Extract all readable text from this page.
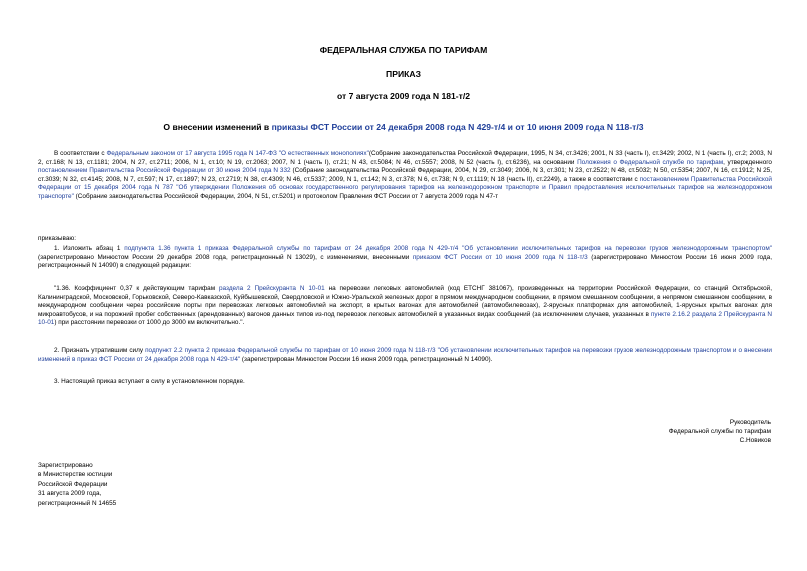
ФЕДЕРАЛЬНАЯ СЛУЖБА ПО ТАРИФАМ
ПРИКАЗ
от 7 августа 2009 года N 181-т/2
О внесении изменений в приказы ФСТ России от 24 декабря 2008 года N 429-т/4 и от 10 июня 2009 года N 118-т/3
В соответствии с Федеральным законом от 17 августа 1995 года N 147-ФЗ "О естественных монополиях"(Собрание законодательства Российской Федерации, 1995, N 34, ст.3426; 2001, N 33 (часть I), ст.3429; 2002, N 1 (часть I), ст.2; 2003, N 2, ст.168; N 13, ст.1181; 2004, N 27, ст.2711; 2006, N 1, ст.10; N 19, ст.2063; 2007, N 1 (часть I), ст.21; N 43, ст.5084; N 46, ст.5557; 2008, N 52 (часть I), ст.6236), на основании Положения о Федеральной службе по тарифам, утвержденного постановлением Правительства Российской Федерации от 30 июня 2004 года N 332 (Собрание законодательства Российской Федерации, 2004, N 29, ст.3049; 2006, N 3, ст.301; N 23, ст.2522; N 48, ст.5032; N 50, ст.5354; 2007, N 16, ст.1912; N 25, ст.3039; N 32, ст.4145; 2008, N 7, ст.597; N 17, ст.1897; N 23, ст.2719; N 38, ст.4309; N 46, ст.5337; 2009, N 1, ст.142; N 3, ст.378; N 6, ст.738; N 9, ст.1119; N 18 (часть II), ст.2249), а также в соответствии с постановлением Правительства Российской Федерации от 15 декабря 2004 года N 787 "Об утверждении Положения об основах государственного регулирования тарифов на железнодорожном транспорте и Правил предоставления исключительных тарифов на железнодорожном транспорте" (Собрание законодательства Российской Федерации, 2004, N 51, ст.5201) и протоколом Правления ФСТ России от 7 августа 2009 года N 47-т
приказываю:
1. Изложить абзац 1 подпункта 1.36 пункта 1 приказа Федеральной службы по тарифам от 24 декабря 2008 года N 429-т/4 "Об установлении исключительных тарифов на перевозки грузов железнодорожным транспортом" (зарегистрировано Минюстом России 29 декабря 2008 года, регистрационный N 13029), с изменениями, внесенными приказом ФСТ России от 10 июня 2009 года N 118-т/3 (зарегистрировано Минюстом России 16 июня 2009 года, регистрационный N 14090) в следующей редакции:
"1.36. Коэффициент 0,37 к действующим тарифам раздела 2 Прейскуранта N 10-01 на перевозки легковых автомобилей (код ЕТСНГ 381067), произведенных на территории Российской Федерации, со станций Октябрьской, Калининградской, Московской, Горьковской, Северо-Кавказской, Куйбышевской, Свердловской и Южно-Уральской железных дорог в прямом международном сообщении, в прямом смешанном сообщении, в непрямом смешанном сообщении, в международном сообщении через российские порты при перевозках легковых автомобилей на экспорт, в крытых вагонах для автомобилей (автомобилевозах), 2-ярусных платформах для автомобилей, 1-ярусных крытых вагонах для микроавтобусов, и на порожний пробег собственных (арендованных) вагонов данных типов из-под перевозок легковых автомобилей в указанных видах сообщений (за исключением случаев, указанных в пункте 2.16.2 раздела 2 Прейскуранта N 10-01) при расстоянии перевозки от 1000 до 3000 км включительно.".
2. Признать утратившим силу подпункт 2.2 пункта 2 приказа Федеральной службы по тарифам от 10 июня 2009 года N 118-т/3 "Об установлении исключительных тарифов на перевозки грузов железнодорожным транспортом и о внесении изменений в приказ ФСТ России от 24 декабря 2008 года N 429-т/4" (зарегистрирован Минюстом России 16 июня 2009 года, регистрационный N 14090).
3. Настоящий приказ вступает в силу в установленном порядке.
Руководитель
Федеральной службы по тарифам
С.Новиков
Зарегистрировано
в Министерстве юстиции
Российской Федерации
31 августа 2009 года,
регистрационный N 14655
